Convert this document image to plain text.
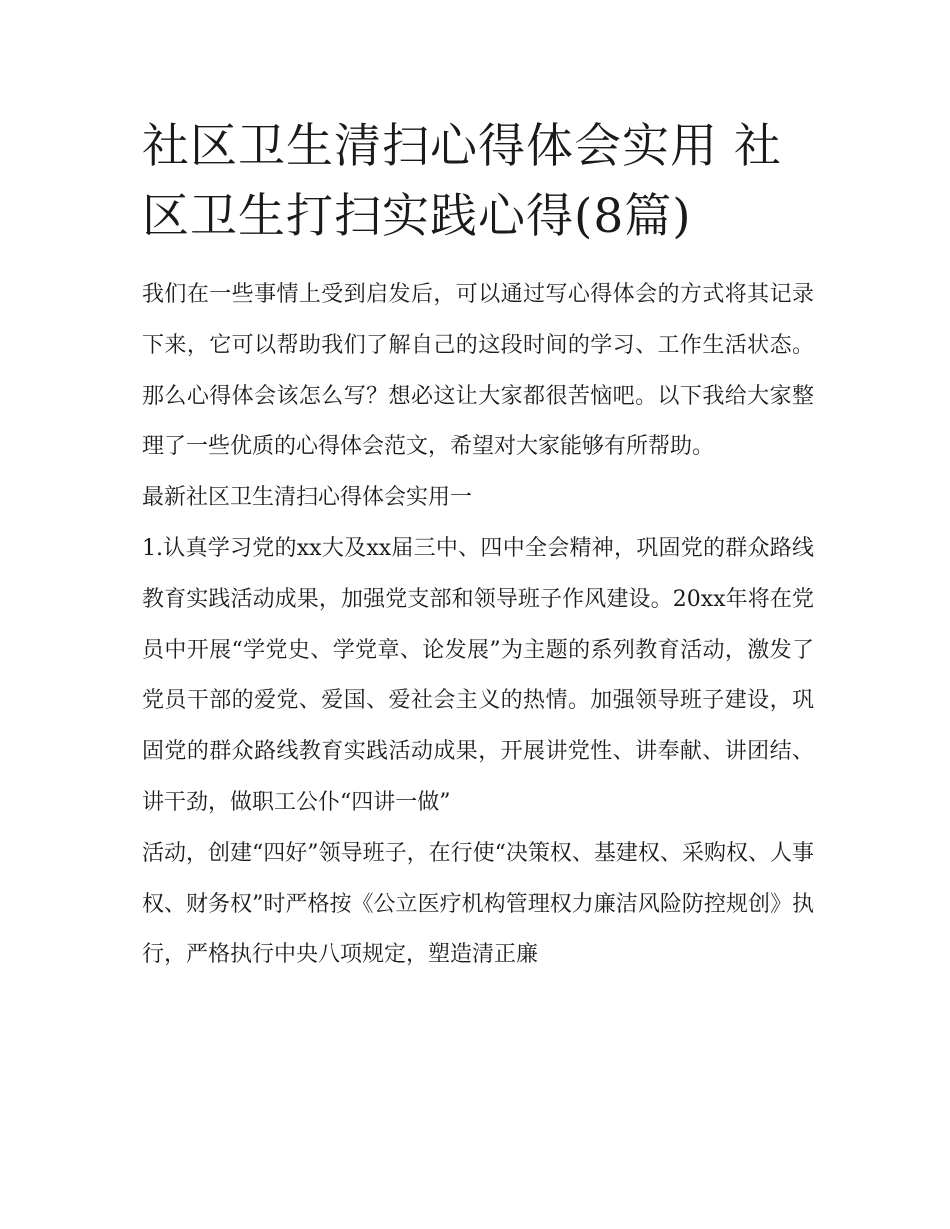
社区卫生清扫心得体会实用 社区卫生打扫实践心得(8篇)

我们在一些事情上受到启发后，可以通过写心得体会的方式将其记录下来，它可以帮助我们了解自己的这段时间的学习、工作生活状态。那么心得体会该怎么写？想必这让大家都很苦恼吧。以下我给大家整理了一些优质的心得体会范文，希望对大家能够有所帮助。

最新社区卫生清扫心得体会实用一

1.认真学习党的xx大及xx届三中、四中全会精神，巩固党的群众路线教育实践活动成果，加强党支部和领导班子作风建设。20xx年将在党员中开展“学党史、学党章、论发展”为主题的系列教育活动，激发了党员干部的爱党、爱国、爱社会主义的热情。加强领导班子建设，巩固党的群众路线教育实践活动成果，开展讲党性、讲奉献、讲团结、讲干劲，做职工公仆“四讲一做”

活动，创建“四好”领导班子，在行使“决策权、基建权、采购权、人事权、财务权”时严格按《公立医疗机构管理权力廉洁风险防控规创》执行，严格执行中央八项规定，塑造清正廉
